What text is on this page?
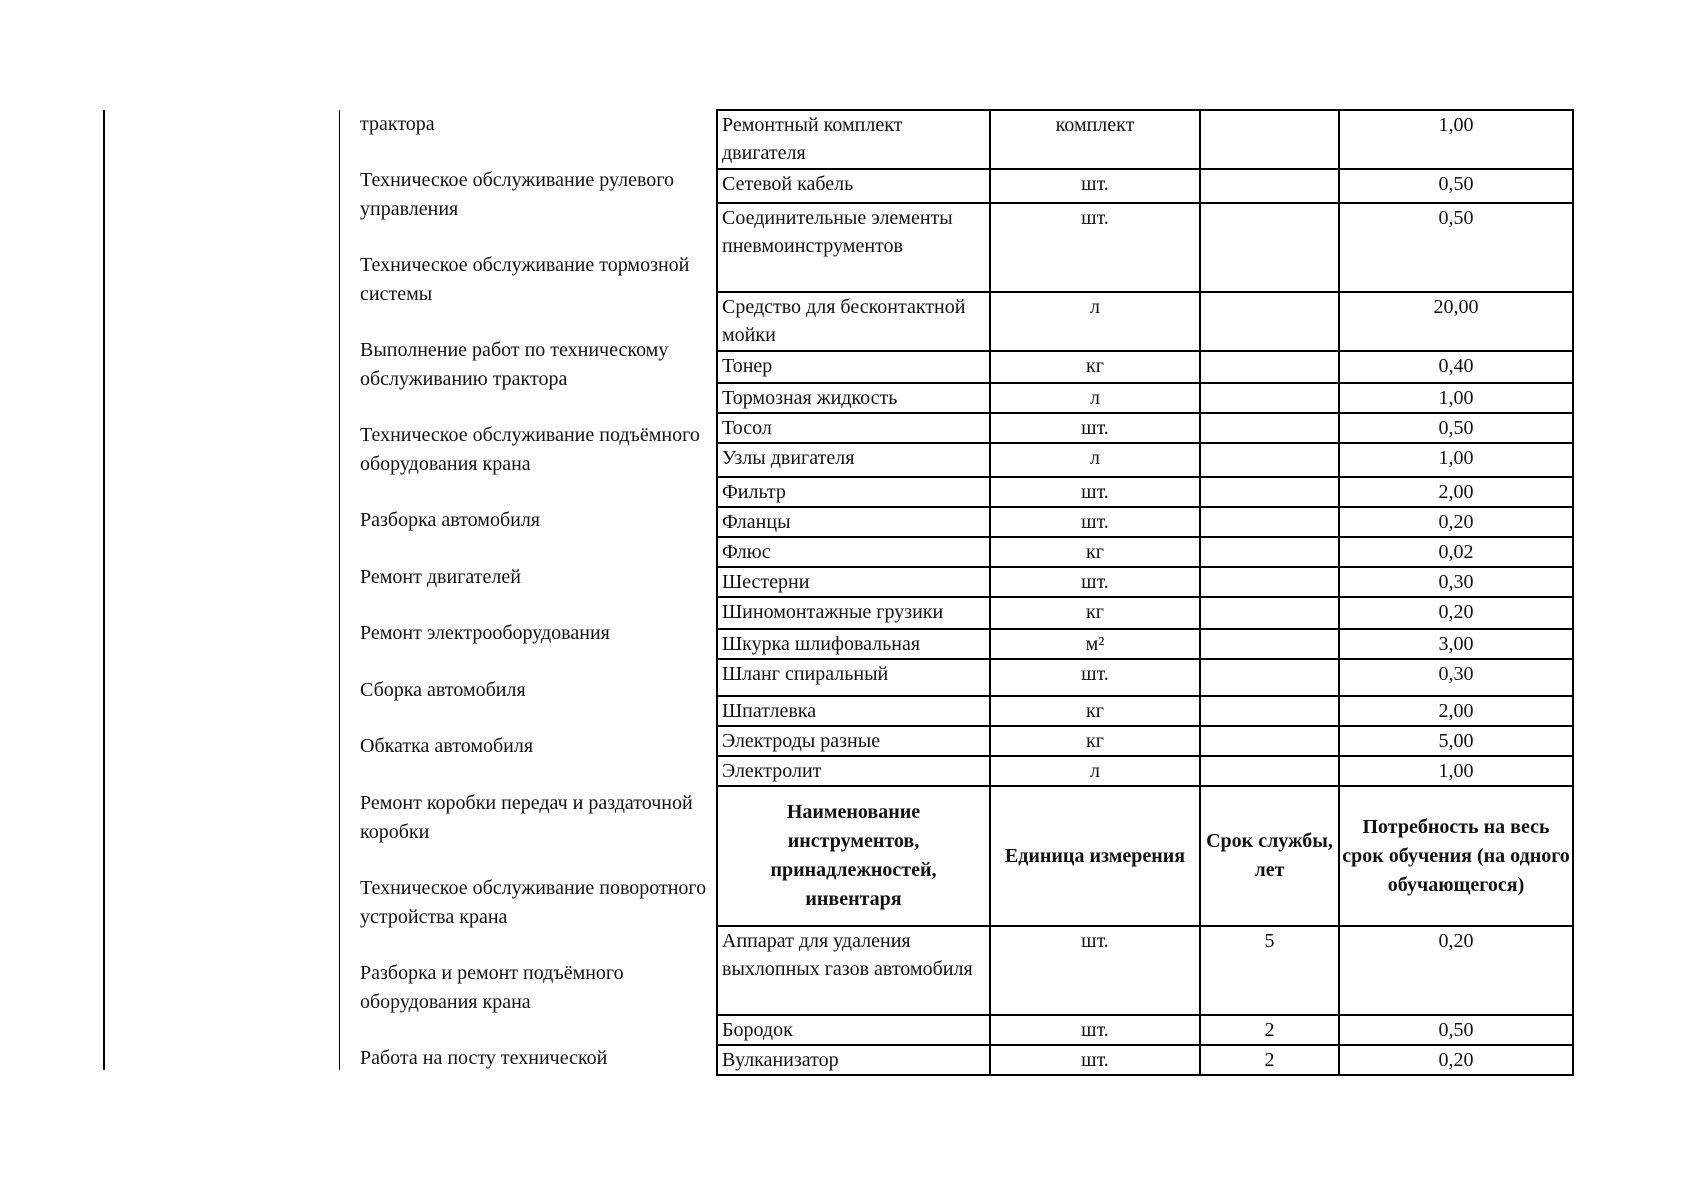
трактора
Техническое обслуживание рулевого управления
Техническое обслуживание тормозной системы
Выполнение работ по техническому обслуживанию трактора
Техническое обслуживание подъёмного оборудования крана
Разборка автомобиля
Ремонт двигателей
Ремонт электрооборудования
Сборка автомобиля
Обкатка автомобиля
Ремонт коробки передач и раздаточной коробки
Техническое обслуживание поворотного устройства крана
Разборка и ремонт подъёмного оборудования крана
Работа на посту технической
Ремонтный комплект двигателя	комплект		1,00
Сетевой кабель	шт.		0,50
Соединительные элементы пневмоинструментов	шт.		0,50
Средство для бесконтактной мойки	л		20,00
Тонер	кг		0,40
Тормозная жидкость	л		1,00
Тосол	шт.		0,50
Узлы двигателя	л		1,00
Фильтр	шт.		2,00
Фланцы	шт.		0,20
Флюс	кг		0,02
Шестерни	шт.		0,30
Шиномонтажные грузики	кг		0,20
Шкурка шлифовальная	м²		3,00
Шланг спиральный	шт.		0,30
Шпатлевка	кг		2,00
Электроды разные	кг		5,00
Электролит	л		1,00
Наименование инструментов, принадлежностей, инвентаря	Единица измерения	Срок службы, лет	Потребность на весь срок обучения (на одного обучающегося)
Аппарат для удаления выхлопных газов автомобиля	шт.	5	0,20
Бородок	шт.	2	0,50
Вулканизатор	шт.	2	0,20
